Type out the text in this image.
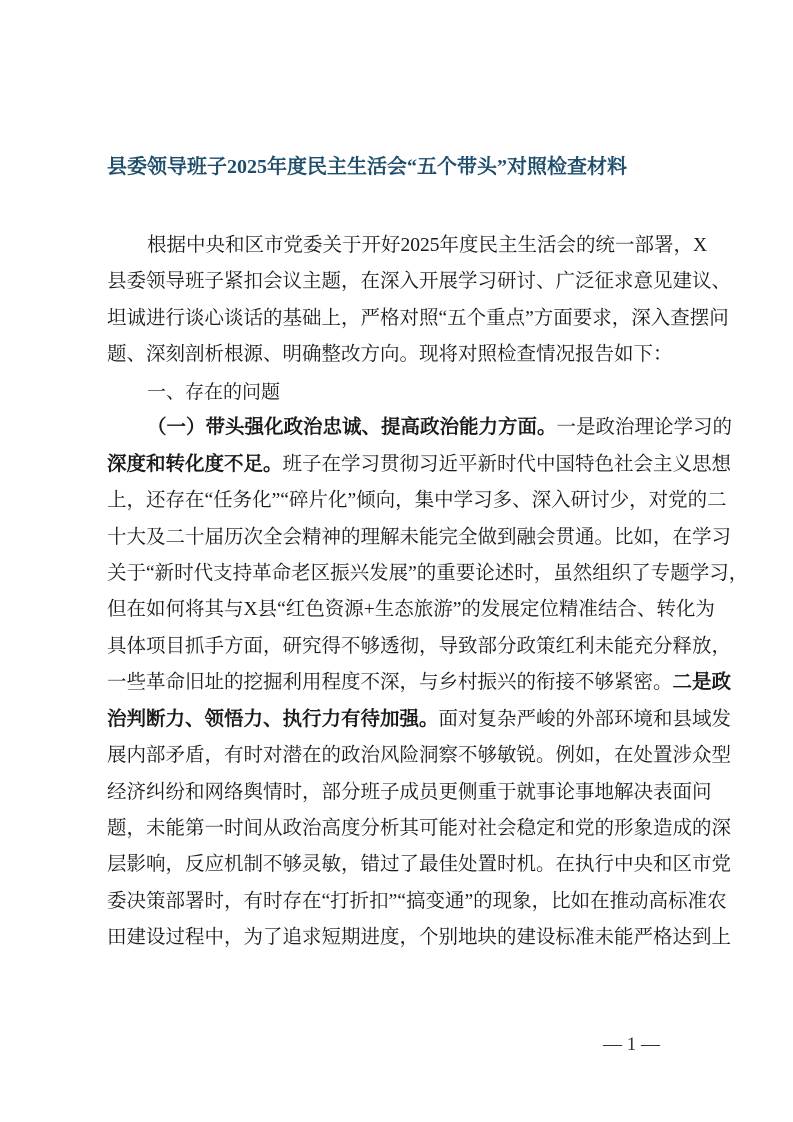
县委领导班子2025年度民主生活会“五个带头”对照检查材料
根据中央和区市党委关于开好2025年度民主生活会的统一部署，X
县委领导班子紧扣会议主题，在深入开展学习研讨、广泛征求意见建议、
坦诚进行谈心谈话的基础上，严格对照“五个重点”方面要求，深入查摆问
题、深刻剖析根源、明确整改方向。现将对照检查情况报告如下：
一、存在的问题
（一）带头强化政治忠诚、提高政治能力方面。一是政治理论学习的
深度和转化度不足。班子在学习贯彻习近平新时代中国特色社会主义思想
上，还存在“任务化”“碎片化”倾向，集中学习多、深入研讨少，对党的二
十大及二十届历次全会精神的理解未能完全做到融会贯通。比如，在学习
关于“新时代支持革命老区振兴发展”的重要论述时，虽然组织了专题学习，
但在如何将其与X县“红色资源+生态旅游”的发展定位精准结合、转化为
具体项目抓手方面，研究得不够透彻，导致部分政策红利未能充分释放，
一些革命旧址的挖掘利用程度不深，与乡村振兴的衔接不够紧密。二是政
治判断力、领悟力、执行力有待加强。面对复杂严峻的外部环境和县域发
展内部矛盾，有时对潜在的政治风险洞察不够敏锐。例如，在处置涉众型
经济纠纷和网络舆情时，部分班子成员更侧重于就事论事地解决表面问
题，未能第一时间从政治高度分析其可能对社会稳定和党的形象造成的深
层影响，反应机制不够灵敏，错过了最佳处置时机。在执行中央和区市党
委决策部署时，有时存在“打折扣”“搞变通”的现象，比如在推动高标准农
田建设过程中，为了追求短期进度，个别地块的建设标准未能严格达到上
— 1 —
